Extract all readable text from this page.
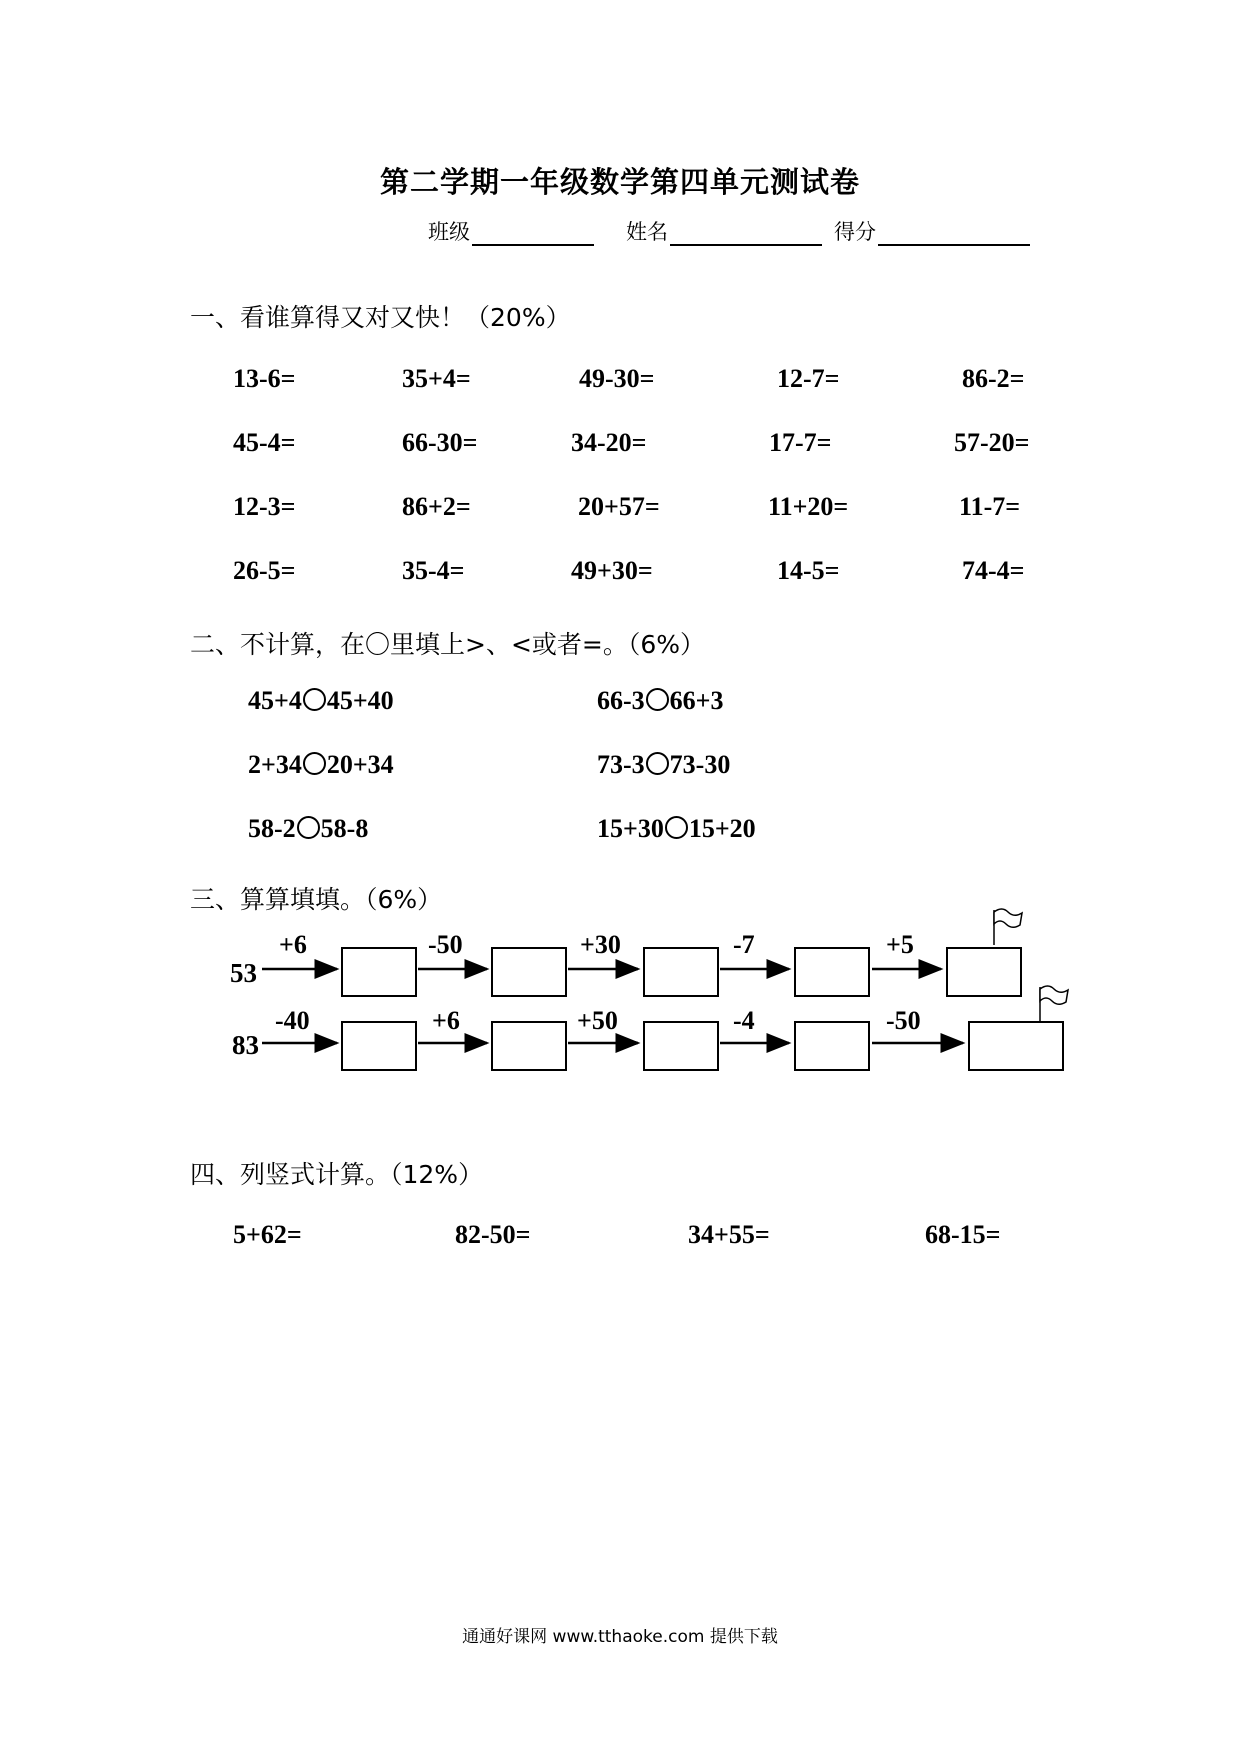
第二学期一年级数学第四单元测试卷
班级	姓名	得分
一、看谁算得又对又快！（20%）
13-6=	35+4=	49-30=	12-7=	86-2=
45-4=	66-30=	34-20=	17-7=	57-20=
12-3=	86+2=	20+57=	11+20=	11-7=
26-5=	35-4=	49+30=	14-5=	74-4=
二、不计算，在〇里填上>、<或者=。（6%）
45+4 45+40	66-3 66+3
2+34 20+34	73-3 73-30
58-2 58-8	15+30 15+20
三、算算填填。（6%）
53
+6	-50	+30	-7	+5
83
-40	+6	+50	-4	-50
四、列竖式计算。（12%）
5+62=	82-50=	34+55=	68-15=
通通好课网 www.tthaoke.com 提供下载
